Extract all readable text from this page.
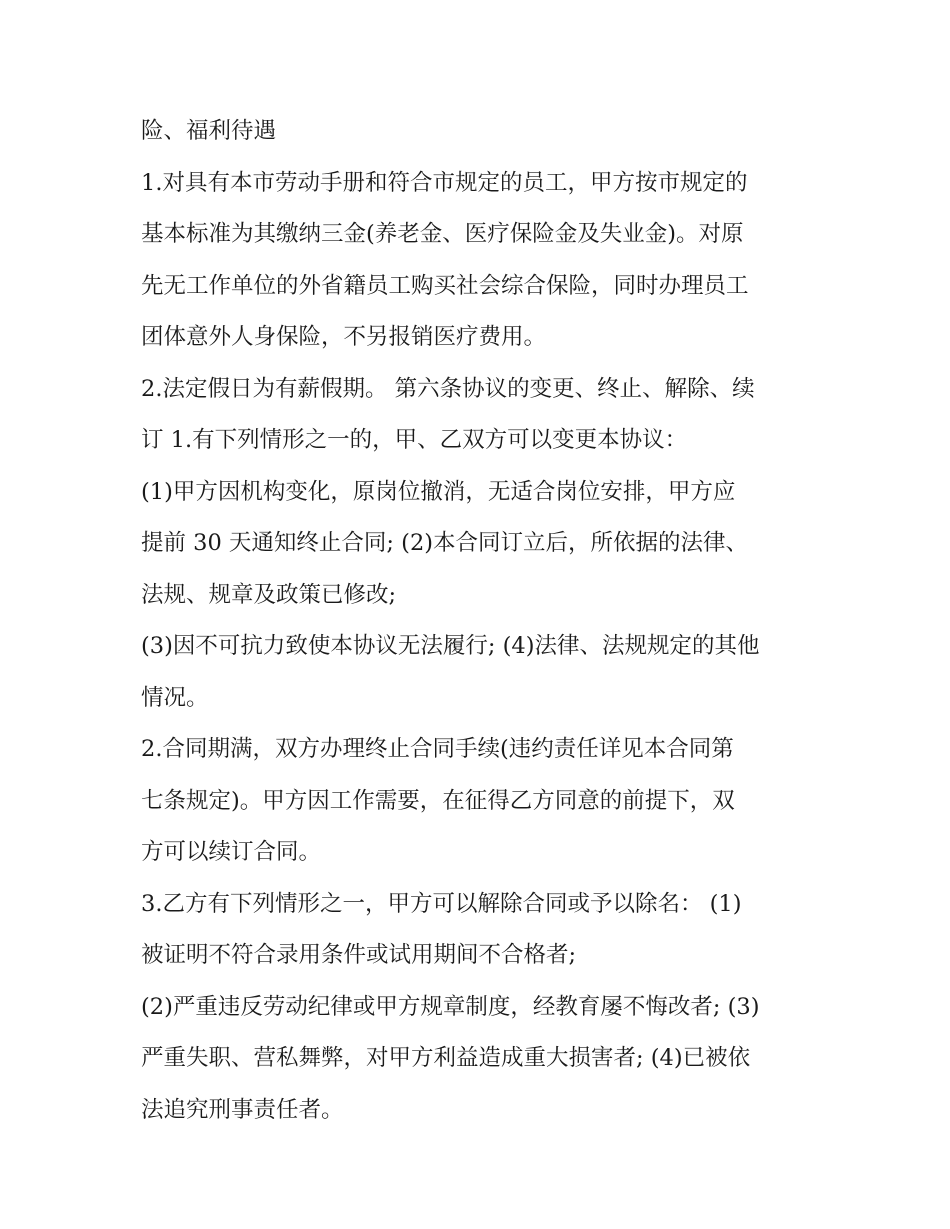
险、福利待遇
1.对具有本市劳动手册和符合市规定的员工，甲方按市规定的
基本标准为其缴纳三金(养老金、医疗保险金及失业金)。对原
先无工作单位的外省籍员工购买社会综合保险，同时办理员工
团体意外人身保险，不另报销医疗费用。
2.法定假日为有薪假期。 第六条协议的变更、终止、解除、续
订 1.有下列情形之一的，甲、乙双方可以变更本协议：
(1)甲方因机构变化，原岗位撤消，无适合岗位安排，甲方应
提前 30 天通知终止合同; (2)本合同订立后，所依据的法律、
法规、规章及政策已修改;
(3)因不可抗力致使本协议无法履行; (4)法律、法规规定的其他
情况。
2.合同期满，双方办理终止合同手续(违约责任详见本合同第
七条规定)。甲方因工作需要，在征得乙方同意的前提下，双
方可以续订合同。
3.乙方有下列情形之一，甲方可以解除合同或予以除名： (1)
被证明不符合录用条件或试用期间不合格者;
(2)严重违反劳动纪律或甲方规章制度，经教育屡不悔改者; (3)
严重失职、营私舞弊，对甲方利益造成重大损害者; (4)已被依
法追究刑事责任者。
